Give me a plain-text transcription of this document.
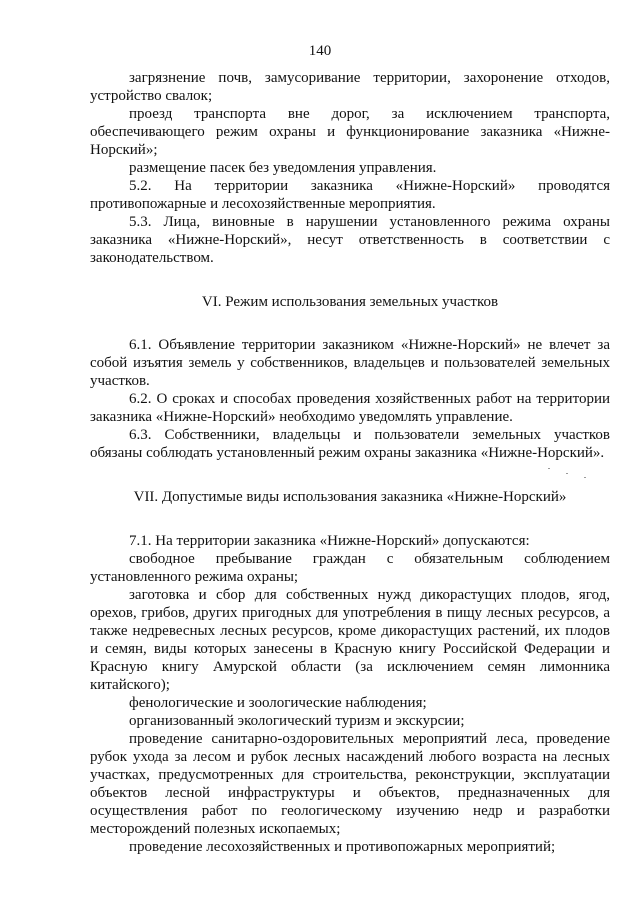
140

загрязнение почв, замусоривание территории, захоронение отходов, устройство свалок;

проезд транспорта вне дорог, за исключением транспорта, обеспечивающего режим охраны и функционирование заказника «Нижне-Норский»;

размещение пасек без уведомления управления.

5.2. На территории заказника «Нижне-Норский» проводятся противопожарные и лесохозяйственные мероприятия.

5.3. Лица, виновные в нарушении установленного режима охраны заказника «Нижне-Норский», несут ответственность в соответствии с законодательством.

VI. Режим использования земельных участков

6.1. Объявление территории заказником «Нижне-Норский» не влечет за собой изъятия земель у собственников, владельцев и пользователей земельных участков.

6.2. О сроках и способах проведения хозяйственных работ на территории заказника «Нижне-Норский» необходимо уведомлять управление.

6.3. Собственники, владельцы и пользователи земельных участков обязаны соблюдать установленный режим охраны заказника «Нижне-Норский».

VII. Допустимые виды использования заказника «Нижне-Норский»

7.1. На территории заказника «Нижне-Норский» допускаются:

свободное пребывание граждан с обязательным соблюдением установленного режима охраны;

заготовка и сбор для собственных нужд дикорастущих плодов, ягод, орехов, грибов, других пригодных для употребления в пищу лесных ресурсов, а также недревесных лесных ресурсов, кроме дикорастущих растений, их плодов и семян, виды которых занесены в Красную книгу Российской Федерации и Красную книгу Амурской области (за исключением семян лимонника китайского);

фенологические и зоологические наблюдения;

организованный экологический туризм и экскурсии;

проведение санитарно-оздоровительных мероприятий леса, проведение рубок ухода за лесом и рубок лесных насаждений любого возраста на лесных участках, предусмотренных для строительства, реконструкции, эксплуатации объектов лесной инфраструктуры и объектов, предназначенных для осуществления работ по геологическому изучению недр и разработки месторождений полезных ископаемых;

проведение лесохозяйственных и противопожарных мероприятий;
